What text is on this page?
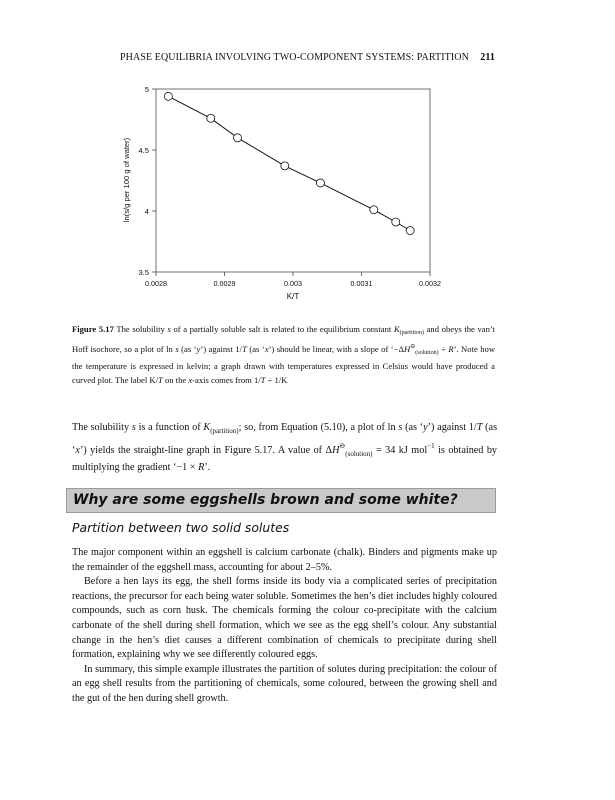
PHASE EQUILIBRIA INVOLVING TWO-COMPONENT SYSTEMS: PARTITION 211
0.0028	0.0029	0.003	0.0031	0.0032
3.5
4
4.5
5
K/T
ln(s/g per 100 g of water)
Figure 5.17 The solubility s of a partially soluble salt is related to the equilibrium constant $K_{(partition)}$ and obeys the van’t Hoff isochore, so a plot of ln s (as ‘y’) against 1/T (as ‘x’) should be linear, with a slope of ‘$-\Delta H^⊖_{(solution)} \div R$’. Note how the temperature is expressed in kelvin; a graph drawn with temperatures expressed in Celsius would have produced a curved plot. The label K/T on the x-axis comes from 1/T ÷ 1/K
The solubility s is a function of $K_{(partition)}$; so, from Equation (5.10), a plot of ln s (as ‘y’) against 1/T (as ‘x’) yields the straight-line graph in Figure 5.17. A value of $\Delta H^⊖_{(solution)} = 34$ kJ mol$^{-1}$ is obtained by multiplying the gradient ‘−1 × R’.
Why are some eggshells brown and some white?
Partition between two solid solutes

The major component within an eggshell is calcium carbonate (chalk). Binders and pigments make up the remainder of the eggshell mass, accounting for about 2–5%.

Before a hen lays its egg, the shell forms inside its body via a complicated series of precipitation reactions, the precursor for each being water soluble. Sometimes the hen’s diet includes highly coloured compounds, such as corn husk. The chemicals forming the colour co-precipitate with the calcium carbonate of the shell during shell formation, which we see as the egg shell’s colour. Any substantial change in the hen’s diet causes a different combination of chemicals to precipitate during shell formation, explaining why we see differently coloured eggs.

In summary, this simple example illustrates the partition of solutes during precipitation: the colour of an egg shell results from the partitioning of chemicals, some coloured, between the growing shell and the gut of the hen during shell growth.
